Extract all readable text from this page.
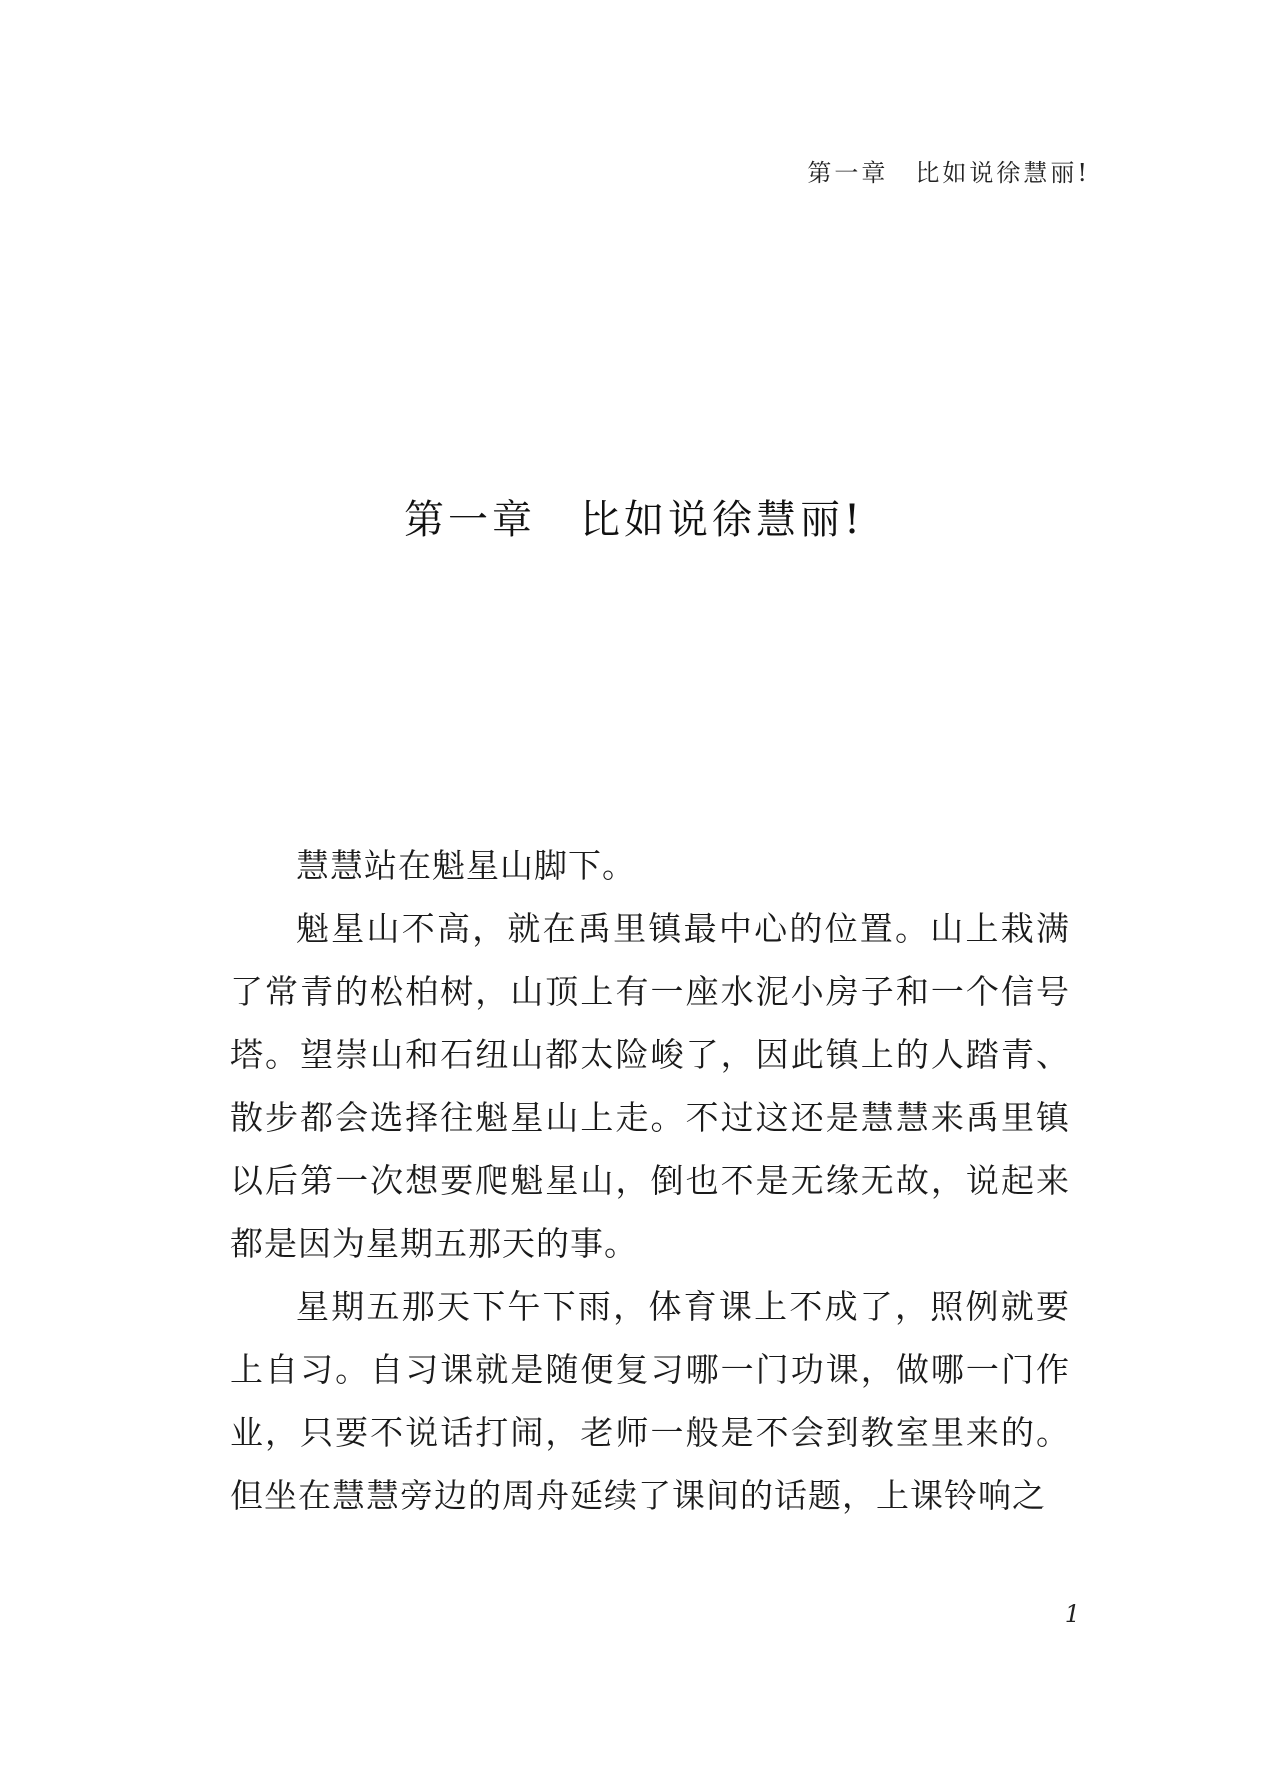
第一章　 比如说徐慧丽!
第一章 比如说徐慧丽!

慧慧站在魁星山脚下。

魁星山不高，就在禹里镇最中心的位置。山上栽满了常青的松柏树，山顶上有一座水泥小房子和一个信号塔。望崇山和石纽山都太险峻了，因此镇上的人踏青、散步都会选择往魁星山上走。不过这还是慧慧来禹里镇以后第一次想要爬魁星山，倒也不是无缘无故，说起来都是因为星期五那天的事。

星期五那天下午下雨，体育课上不成了，照例就要上自习。自习课就是随便复习哪一门功课，做哪一门作业，只要不说话打闹，老师一般是不会到教室里来的。但坐在慧慧旁边的周舟延续了课间的话题，上课铃响之

1
